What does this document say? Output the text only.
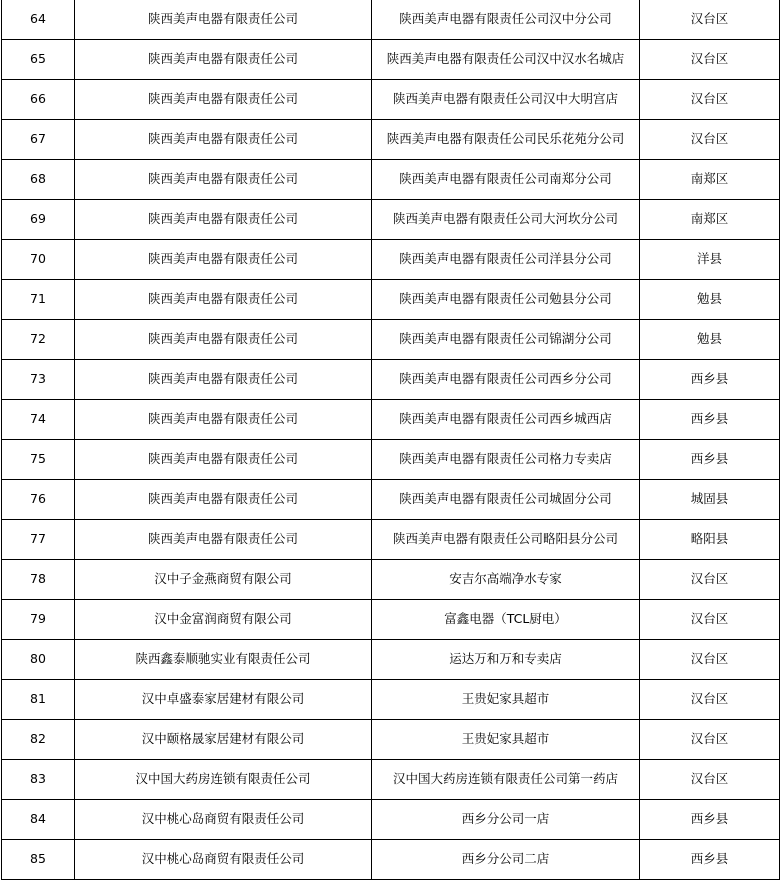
64	陕西美声电器有限责任公司	陕西美声电器有限责任公司汉中分公司	汉台区
65	陕西美声电器有限责任公司	陕西美声电器有限责任公司汉中汉水名城店	汉台区
66	陕西美声电器有限责任公司	陕西美声电器有限责任公司汉中大明宫店	汉台区
67	陕西美声电器有限责任公司	陕西美声电器有限责任公司民乐花苑分公司	汉台区
68	陕西美声电器有限责任公司	陕西美声电器有限责任公司南郑分公司	南郑区
69	陕西美声电器有限责任公司	陕西美声电器有限责任公司大河坎分公司	南郑区
70	陕西美声电器有限责任公司	陕西美声电器有限责任公司洋县分公司	洋县
71	陕西美声电器有限责任公司	陕西美声电器有限责任公司勉县分公司	勉县
72	陕西美声电器有限责任公司	陕西美声电器有限责任公司锦湖分公司	勉县
73	陕西美声电器有限责任公司	陕西美声电器有限责任公司西乡分公司	西乡县
74	陕西美声电器有限责任公司	陕西美声电器有限责任公司西乡城西店	西乡县
75	陕西美声电器有限责任公司	陕西美声电器有限责任公司格力专卖店	西乡县
76	陕西美声电器有限责任公司	陕西美声电器有限责任公司城固分公司	城固县
77	陕西美声电器有限责任公司	陕西美声电器有限责任公司略阳县分公司	略阳县
78	汉中子金燕商贸有限公司	安吉尔高端净水专家	汉台区
79	汉中金富润商贸有限公司	富鑫电器（TCL厨电）	汉台区
80	陕西鑫泰顺驰实业有限责任公司	运达万和万和专卖店	汉台区
81	汉中卓盛泰家居建材有限公司	王贵妃家具超市	汉台区
82	汉中颐格晟家居建材有限公司	王贵妃家具超市	汉台区
83	汉中国大药房连锁有限责任公司	汉中国大药房连锁有限责任公司第一药店	汉台区
84	汉中桃心岛商贸有限责任公司	西乡分公司一店	西乡县
85	汉中桃心岛商贸有限责任公司	西乡分公司二店	西乡县
